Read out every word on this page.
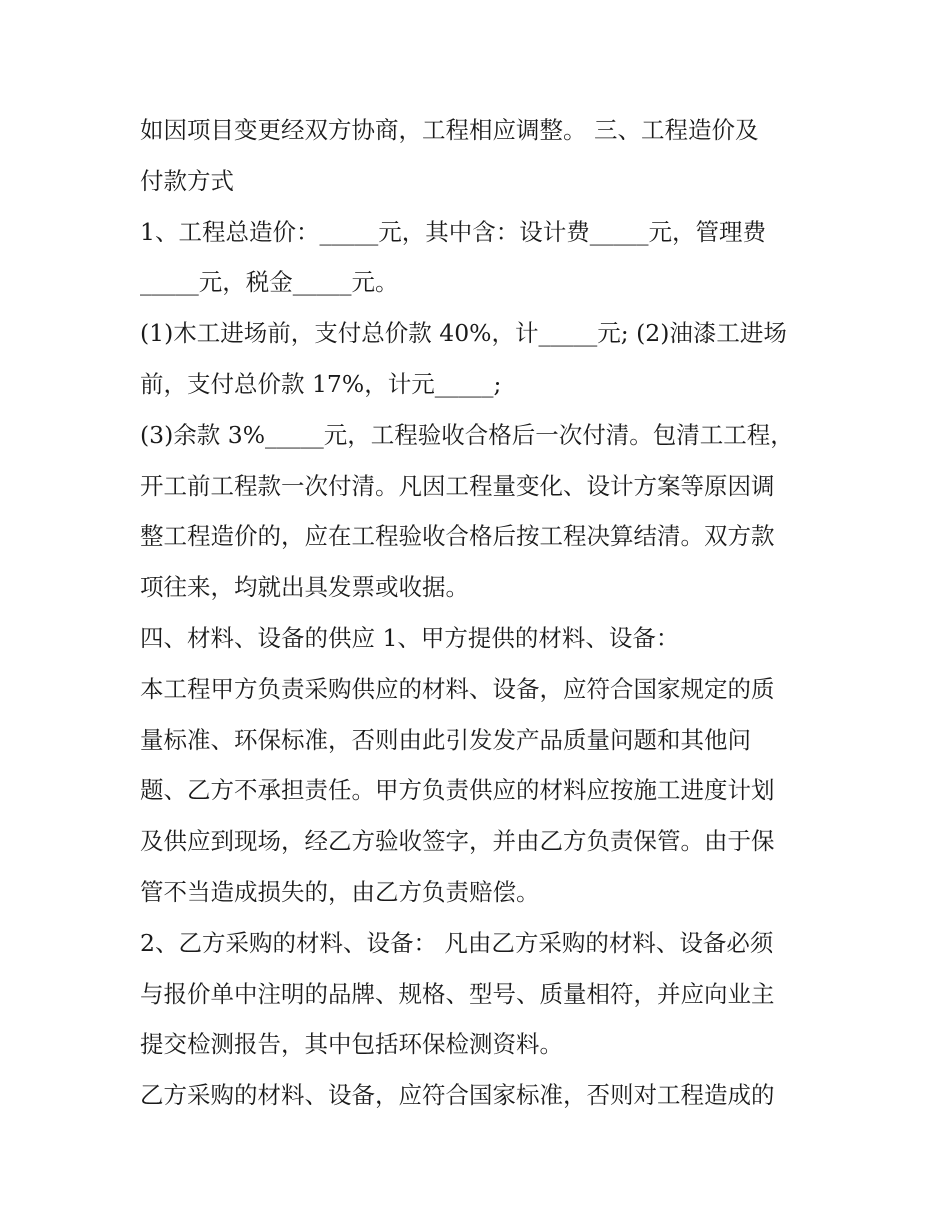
如因项目变更经双方协商，工程相应调整。 三、工程造价及

付款方式

1、工程总造价：_____元，其中含：设计费_____元，管理费

_____元，税金_____元。

(1)木工进场前，支付总价款 40%，计_____元; (2)油漆工进场

前，支付总价款 17%，计元_____;

(3)余款 3%_____元，工程验收合格后一次付清。包清工工程，

开工前工程款一次付清。凡因工程量变化、设计方案等原因调

整工程造价的，应在工程验收合格后按工程决算结清。双方款

项往来，均就出具发票或收据。

四、材料、设备的供应 1、甲方提供的材料、设备：

本工程甲方负责采购供应的材料、设备，应符合国家规定的质

量标准、环保标准，否则由此引发发产品质量问题和其他问

题、乙方不承担责任。甲方负责供应的材料应按施工进度计划

及供应到现场，经乙方验收签字，并由乙方负责保管。由于保

管不当造成损失的，由乙方负责赔偿。

2、乙方采购的材料、设备： 凡由乙方采购的材料、设备必须

与报价单中注明的品牌、规格、型号、质量相符，并应向业主

提交检测报告，其中包括环保检测资料。

乙方采购的材料、设备，应符合国家标准，否则对工程造成的
